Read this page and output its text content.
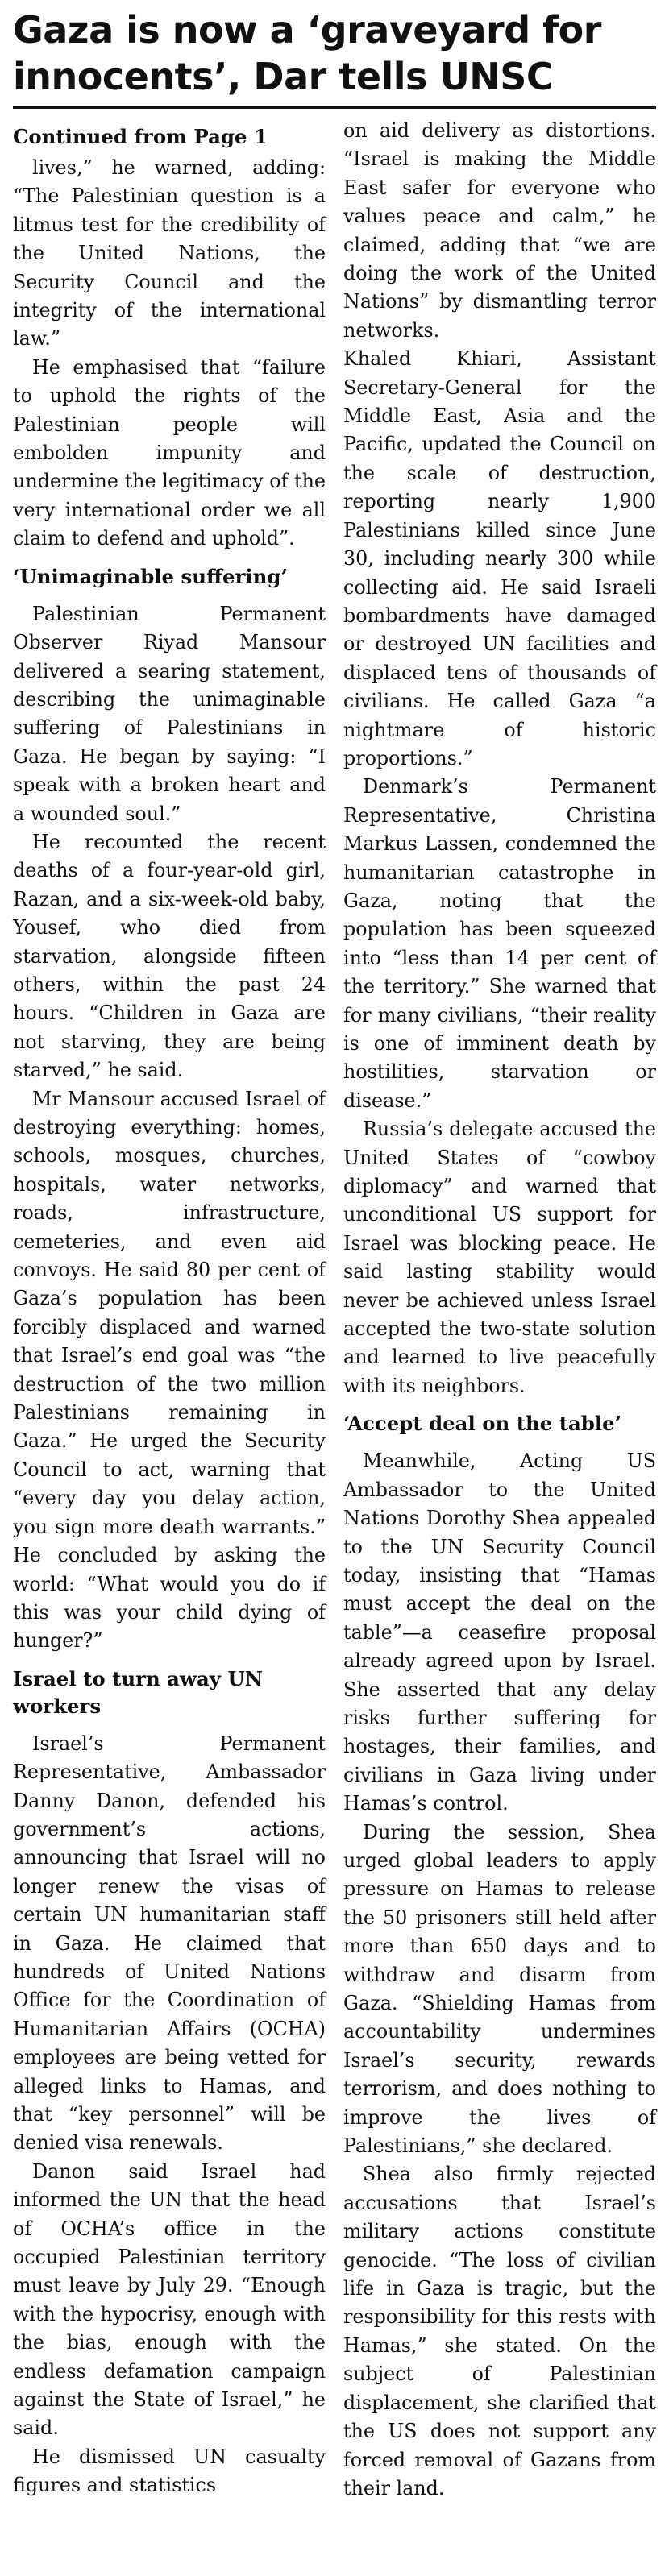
Gaza is now a ‘graveyard for innocents’, Dar tells UNSC
Continued from Page 1

lives,” he warned, adding: “The Palestinian question is a litmus test for the credibility of the United Nations, the Security Council and the integrity of the international law.”

He emphasised that “failure to uphold the rights of the Palestinian people will embolden impunity and undermine the legitimacy of the very international order we all claim to defend and uphold”.

‘Unimaginable suffering’

Palestinian Permanent Observer Riyad Mansour delivered a searing statement, describing the unimaginable suffering of Palestinians in Gaza. He began by saying: “I speak with a broken heart and a wounded soul.”

He recounted the recent deaths of a four-year-old girl, Razan, and a six-week-old baby, Yousef, who died from starvation, alongside fifteen others, within the past 24 hours. “Children in Gaza are not starving, they are being starved,” he said.

Mr Mansour accused Israel of destroying everything: homes, schools, mosques, churches, hospitals, water networks, roads, infrastructure, cemeteries, and even aid convoys. He said 80 per cent of Gaza’s population has been forcibly displaced and warned that Israel’s end goal was “the destruction of the two million Palestinians remaining in Gaza.” He urged the Security Council to act, warning that “every day you delay action, you sign more death warrants.” He concluded by asking the world: “What would you do if this was your child dying of hunger?”

Israel to turn away UN workers

Israel’s Permanent Representative, Ambassador Danny Danon, defended his government’s actions, announcing that Israel will no longer renew the visas of certain UN humanitarian staff in Gaza. He claimed that hundreds of United Nations Office for the Coordination of Humanitarian Affairs (OCHA) employees are being vetted for alleged links to Hamas, and that “key personnel” will be denied visa renewals.

Danon said Israel had informed the UN that the head of OCHA’s office in the occupied Palestinian territory must leave by July 29. “Enough with the hypocrisy, enough with the bias, enough with the endless defamation campaign against the State of Israel,” he said.

He dismissed UN casualty figures and statistics

on aid delivery as distortions. “Israel is making the Middle East safer for everyone who values peace and calm,” he claimed, adding that “we are doing the work of the United Nations” by dismantling terror networks.

Khaled Khiari, Assistant Secretary-General for the Middle East, Asia and the Pacific, updated the Council on the scale of destruction, reporting nearly 1,900 Palestinians killed since June 30, including nearly 300 while collecting aid. He said Israeli bombardments have damaged or destroyed UN facilities and displaced tens of thousands of civilians. He called Gaza “a nightmare of historic proportions.”

Denmark’s Permanent Representative, Christina Markus Lassen, condemned the humanitarian catastrophe in Gaza, noting that the population has been squeezed into “less than 14 per cent of the territory.” She warned that for many civilians, “their reality is one of imminent death by hostilities, starvation or disease.”

Russia’s delegate accused the United States of “cowboy diplomacy” and warned that unconditional US support for Israel was blocking peace. He said lasting stability would never be achieved unless Israel accepted the two-state solution and learned to live peacefully with its neighbors.

‘Accept deal on the table’

Meanwhile, Acting US Ambassador to the United Nations Dorothy Shea appealed to the UN Security Council today, insisting that “Hamas must accept the deal on the table”—a ceasefire proposal already agreed upon by Israel. She asserted that any delay risks further suffering for hostages, their families, and civilians in Gaza living under Hamas’s control.

During the session, Shea urged global leaders to apply pressure on Hamas to release the 50 prisoners still held after more than 650 days and to withdraw and disarm from Gaza. “Shielding Hamas from accountability undermines Israel’s security, rewards terrorism, and does nothing to improve the lives of Palestinians,” she declared.

Shea also firmly rejected accusations that Israel’s military actions constitute genocide. “The loss of civilian life in Gaza is tragic, but the responsibility for this rests with Hamas,” she stated. On the subject of Palestinian displacement, she clarified that the US does not support any forced removal of Gazans from their land.
